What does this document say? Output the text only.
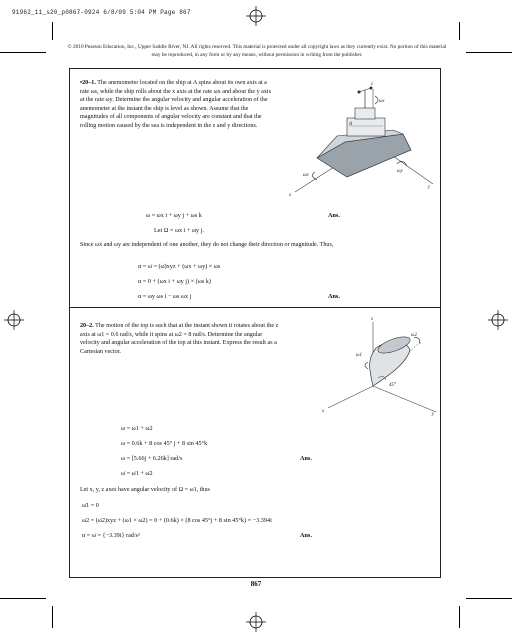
91962_11_s20_p0867-0924 6/8/09 5:04 PM Page 867
© 2010 Pearson Education, Inc., Upper Saddle River, NJ. All rights reserved. This material is protected under all copyright laws as they currently exist. No portion of this material may be reproduced, in any form or by any means, without permission in writing from the publisher.
•20–1. The anemometer located on the ship at A spins about its own axis at a rate ωs, while the ship rolls about the x axis at the rate ωx and about the y axis at the rate ωy. Determine the angular velocity and angular acceleration of the anemometer at the instant the ship is level as shown. Assume that the magnitudes of all components of angular velocity are constant and that the rolling motion caused by the sea is independent in the z and y directions.
z
A
ωs
ωx
ωy
x
y
ω = ωx i + ωy j + ωs k	Ans.
Let Ω = ωx i + ωy j.
Since ωx and ωy are independent of one another, they do not change their direction or magnitude. Thus,
α = ω̇ = (ω̇)xyz + (ωx + ωy) × ωs
α = 0 + (ωx i + ωy j) × (ωs k)
α = ωy ωs i − ωs ωx j	Ans.
20–2. The motion of the top is such that at the instant shown it rotates about the z axis at ω1 = 0.6 rad/s, while it spins at ω2 = 8 rad/s. Determine the angular velocity and angular acceleration of the top at this instant. Express the result as a Cartesian vector.
z
ω2
ω1
45°
x
y
ω = ω1 + ω2
ω = 0.6k + 8 cos 45° j + 8 sin 45°k
ω = [5.66j + 6.26k] rad/s	Ans.
ω̇ = ω̇1 + ω̇2
Let x, y, z axes have angular velocity of Ω = ω1, thus
ω̇1 = 0
ω̇2 = (ω̇2)xyz + (ω1 × ω2) = 0 + (0.6k) × (8 cos 45°j + 8 sin 45°k) = −3.394i
α = ω̇ = {−3.39i} rad/s²	Ans.
867
